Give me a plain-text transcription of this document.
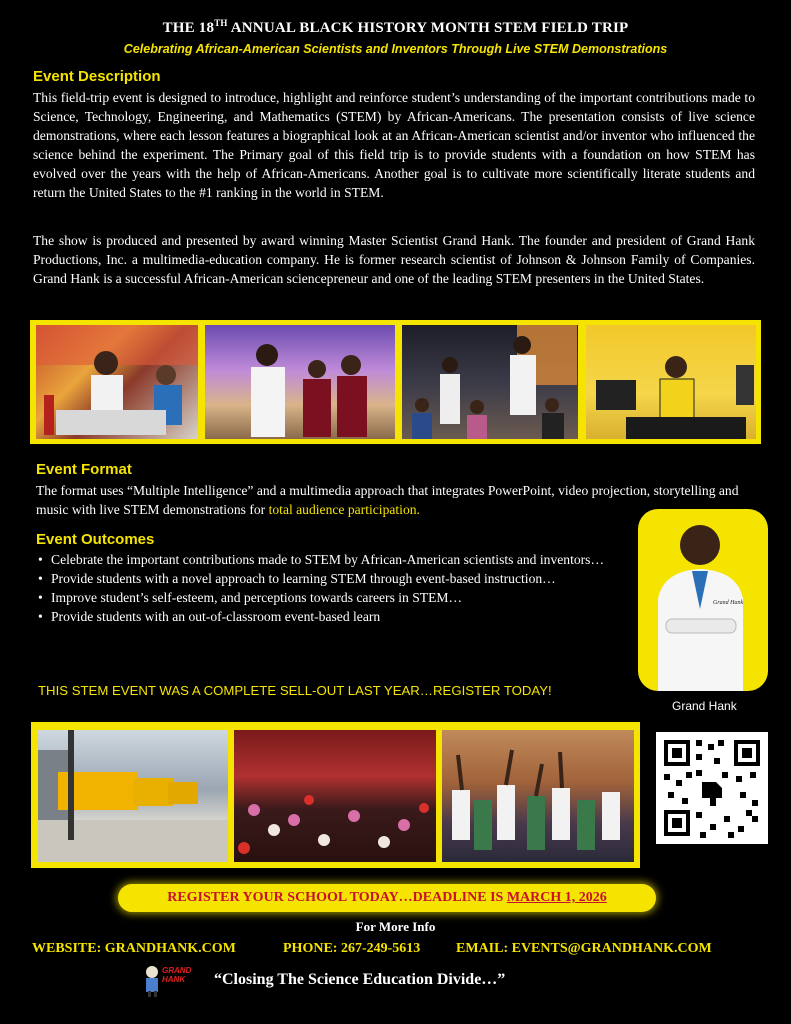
THE 18TH ANNUAL BLACK HISTORY MONTH STEM FIELD TRIP
Celebrating African-American Scientists and Inventors Through Live STEM Demonstrations
Event Description
This field-trip event is designed to introduce, highlight and reinforce student’s understanding of the important contributions made to Science, Technology, Engineering, and Mathematics (STEM) by African-Americans. The presentation consists of live science demonstrations, where each lesson features a biographical look at an African-American scientist and/or inventor who influenced the science behind the experiment. The Primary goal of this field trip is to provide students with a foundation on how STEM has evolved over the years with the help of African-Americans. Another goal is to cultivate more scientifically literate students and return the United States to the #1 ranking in the world in STEM.
The show is produced and presented by award winning Master Scientist Grand Hank. The founder and president of Grand Hank Productions, Inc. a multimedia-education company. He is former research scientist of Johnson & Johnson Family of Companies. Grand Hank is a successful African-American sciencepreneur and one of the leading STEM presenters in the United States.
Event Format
The format uses “Multiple Intelligence” and a multimedia approach that integrates PowerPoint, video projection, storytelling and music with live STEM demonstrations for total audience participation.
Event Outcomes
• Celebrate the important contributions made to STEM by African-American scientists and inventors…
• Provide students with a novel approach to learning STEM through event-based instruction…
• Improve student’s self-esteem, and perceptions towards careers in STEM…
• Provide students with an out-of-classroom event-based learn
THIS STEM EVENT WAS A COMPLETE SELL-OUT LAST YEAR…REGISTER TODAY!
Grand Hank
Grand Hank
REGISTER YOUR SCHOOL TODAY…DEADLINE IS MARCH 1, 2026
For More Info
WEBSITE: GRANDHANK.COM	PHONE: 267-249-5613	EMAIL: EVENTS@GRANDHANK.COM
GRAND
HANK	“Closing The Science Education Divide…”
